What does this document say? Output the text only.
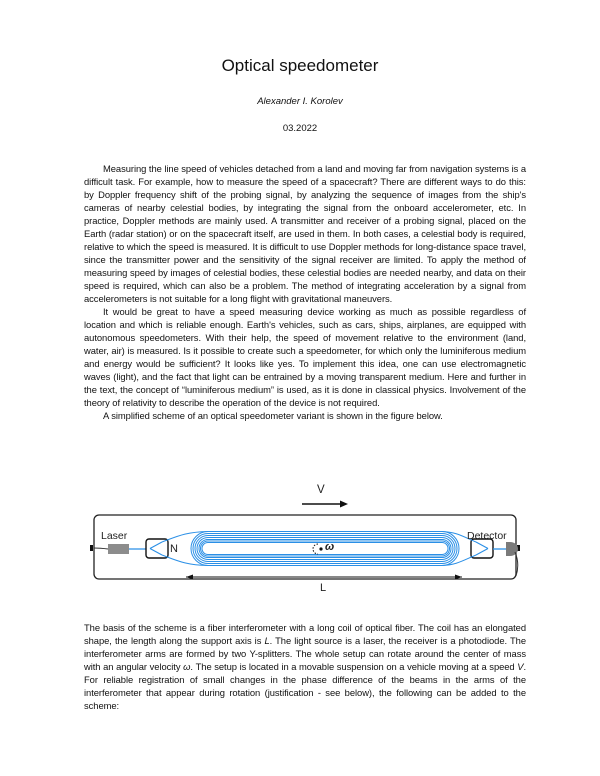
Optical speedometer
Alexander I. Korolev
03.2022

Measuring the line speed of vehicles detached from a land and moving far from navigation systems is a difficult task. For example, how to measure the speed of a spacecraft? There are different ways to do this: by Doppler frequency shift of the probing signal, by analyzing the sequence of images from the ship's cameras of nearby celestial bodies, by integrating the signal from the onboard accelerometer, etc. In practice, Doppler methods are mainly used. A transmitter and receiver of a probing signal, placed on the Earth (radar station) or on the spacecraft itself, are used in them. In both cases, a celestial body is required, relative to which the speed is measured. It is difficult to use Doppler methods for long-distance space travel, since the transmitter power and the sensitivity of the signal receiver are limited. To apply the method of measuring speed by images of celestial bodies, these celestial bodies are needed nearby, and data on their speed is required, which can also be a problem. The method of integrating acceleration by a signal from accelerometers is not suitable for a long flight with gravitational maneuvers.

It would be great to have a speed measuring device working as much as possible regardless of location and which is reliable enough. Earth's vehicles, such as cars, ships, airplanes, are equipped with autonomous speedometers. With their help, the speed of movement relative to the environment (land, water, air) is measured. Is it possible to create such a speedometer, for which only the luminiferous medium and energy would be sufficient? It looks like yes. To implement this idea, one can use electromagnetic waves (light), and the fact that light can be entrained by a moving transparent medium. Here and further in the text, the concept of “luminiferous medium” is used, as it is done in classical physics. Involvement of the theory of relativity to describe the operation of the device is not required.

A simplified scheme of an optical speedometer variant is shown in the figure below.

V
Laser	Detector
N	ω
L

The basis of the scheme is a fiber interferometer with a long coil of optical fiber. The coil has an elongated shape, the length along the support axis is L. The light source is a laser, the receiver is a photodiode. The interferometer arms are formed by two Y-splitters. The whole setup can rotate around the center of mass with an angular velocity ω. The setup is located in a movable suspension on a vehicle moving at a speed V. For reliable registration of small changes in the phase difference of the beams in the arms of the interferometer that appear during rotation (justification - see below), the following can be added to the scheme:
